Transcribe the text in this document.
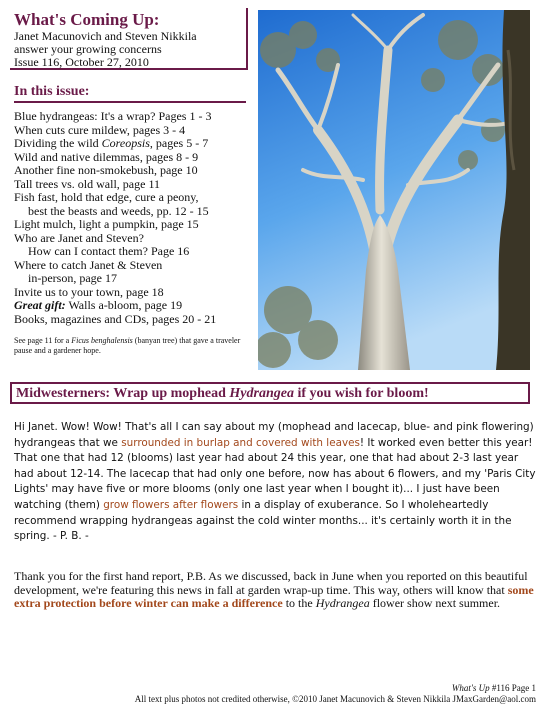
What's Coming Up:
Janet Macunovich and Steven Nikkila
answer your growing concerns
Issue 116, October 27, 2010
In this issue:
Blue hydrangeas: It's a wrap? Pages 1 - 3
When cuts cure mildew, pages 3 - 4
Dividing the wild Coreopsis, pages 5 - 7
Wild and native dilemmas, pages 8 - 9
Another fine non-smokebush, page 10
Tall trees vs. old wall, page 11
Fish fast, hold that edge, cure a peony,
best the beasts and weeds, pp. 12 - 15
Light mulch, light a pumpkin, page 15
Who are Janet and Steven?
How can I contact them? Page 16
Where to catch Janet & Steven
in-person, page 17
Invite us to your town, page 18
Great gift: Walls a-bloom, page 19
Books, magazines and CDs, pages 20 - 21
See page 11 for a Ficus benghalensis (banyan tree) that gave a traveler pause and a gardener hope.
Midwesterners: Wrap up mophead Hydrangea if you wish for bloom!

Hi Janet. Wow! Wow! That's all I can say about my (mophead and lacecap, blue- and pink flowering) hydrangeas that we surrounded in burlap and covered with leaves! It worked even better this year! That one that had 12 (blooms) last year had about 24 this year, one that had about 2-3 last year had about 12-14. The lacecap that had only one before, now has about 6 flowers, and my 'Paris City Lights' may have five or more blooms (only one last year when I bought it)... I just have been watching (them) grow flowers after flowers in a display of exuberance. So I wholeheartedly recommend wrapping hydrangeas against the cold winter months... it's certainly worth it in the spring. - P. B. -

Thank you for the first hand report, P.B. As we discussed, back in June when you reported on this beautiful development, we're featuring this news in fall at garden wrap-up time. This way, others will know that some extra protection before winter can make a difference to the Hydrangea flower show next summer.

What's Up #116 Page 1
All text plus photos not credited otherwise, ©2010 Janet Macunovich & Steven Nikkila JMaxGarden@aol.com
